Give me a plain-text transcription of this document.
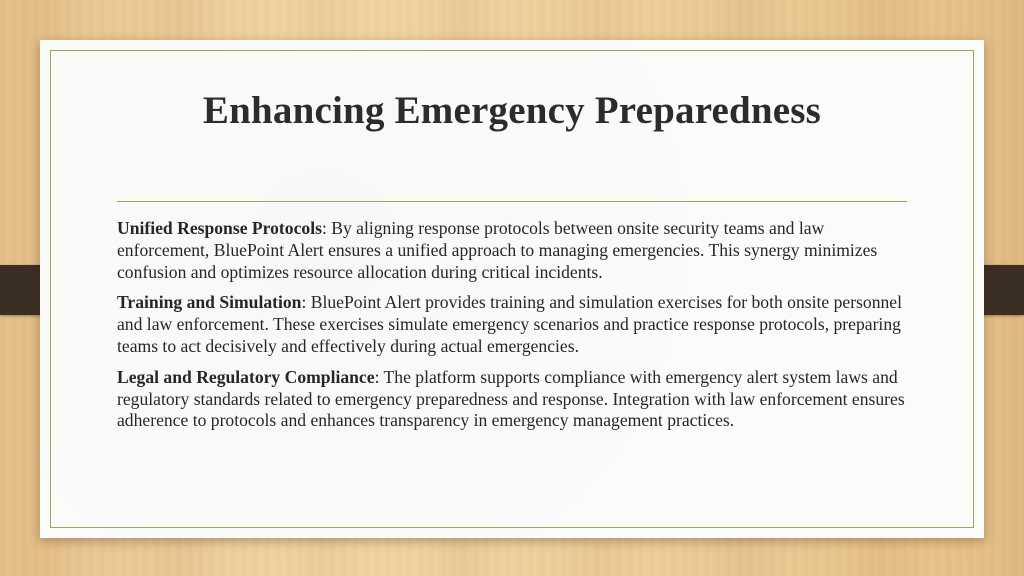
Enhancing Emergency Preparedness

Unified Response Protocols: By aligning response protocols between onsite security teams and law enforcement, BluePoint Alert ensures a unified approach to managing emergencies. This synergy minimizes confusion and optimizes resource allocation during critical incidents.

Training and Simulation: BluePoint Alert provides training and simulation exercises for both onsite personnel and law enforcement. These exercises simulate emergency scenarios and practice response protocols, preparing teams to act decisively and effectively during actual emergencies.

Legal and Regulatory Compliance: The platform supports compliance with emergency alert system laws and regulatory standards related to emergency preparedness and response. Integration with law enforcement ensures adherence to protocols and enhances transparency in emergency management practices.
